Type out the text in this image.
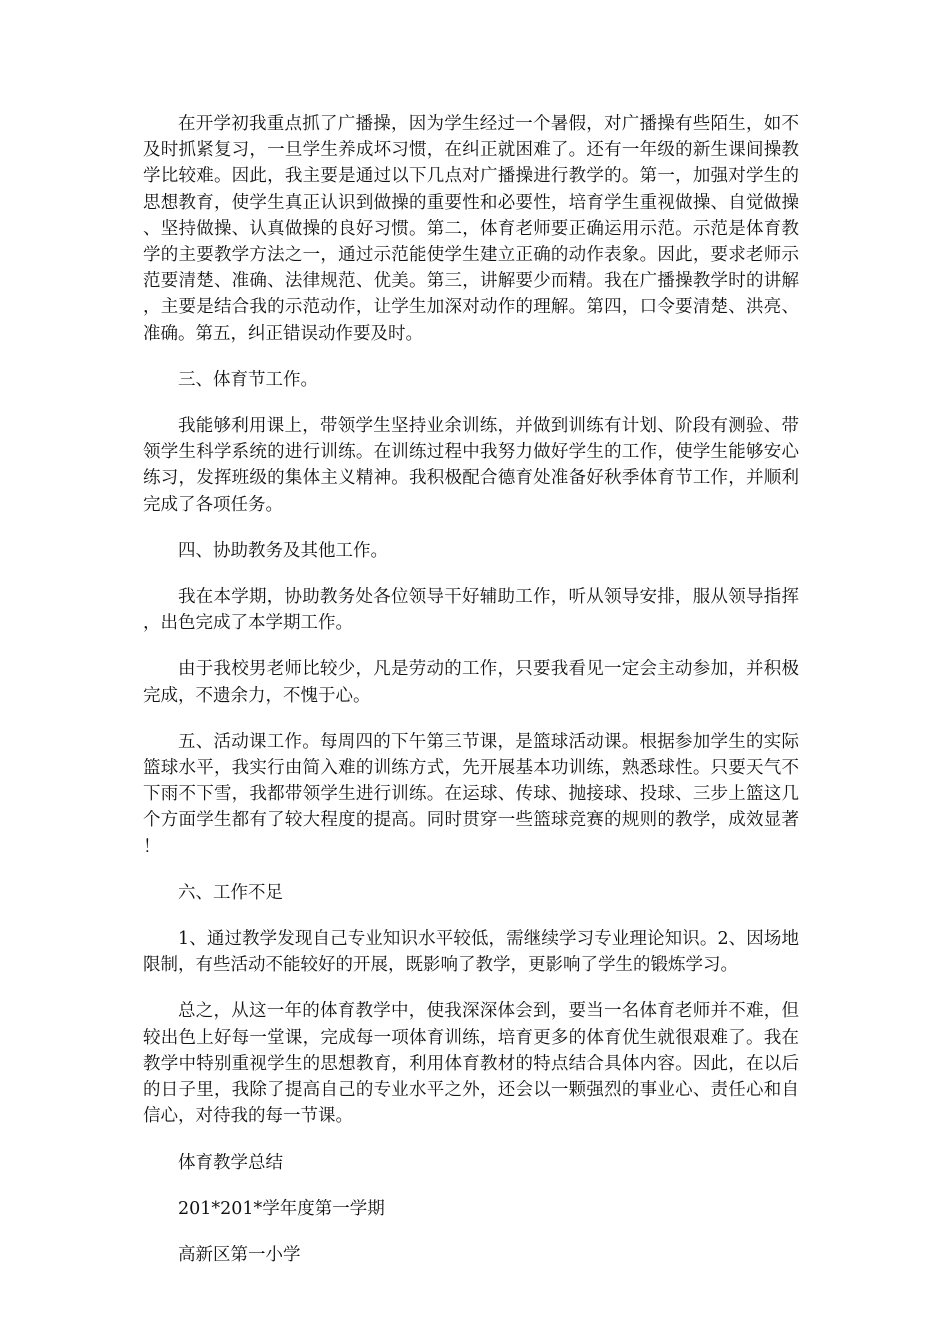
在开学初我重点抓了广播操，因为学生经过一个暑假，对广播操有些陌生，如不及时抓紧复习，一旦学生养成坏习惯，在纠正就困难了。还有一年级的新生课间操教学比较难。因此，我主要是通过以下几点对广播操进行教学的。第一，加强对学生的思想教育，使学生真正认识到做操的重要性和必要性，培育学生重视做操、自觉做操、坚持做操、认真做操的良好习惯。第二，体育老师要正确运用示范。示范是体育教学的主要教学方法之一，通过示范能使学生建立正确的动作表象。因此，要求老师示范要清楚、准确、法律规范、优美。第三，讲解要少而精。我在广播操教学时的讲解，主要是结合我的示范动作，让学生加深对动作的理解。第四，口令要清楚、洪亮、准确。第五，纠正错误动作要及时。

三、体育节工作。

我能够利用课上，带领学生坚持业余训练，并做到训练有计划、阶段有测验、带领学生科学系统的进行训练。在训练过程中我努力做好学生的工作，使学生能够安心练习，发挥班级的集体主义精神。我积极配合德育处准备好秋季体育节工作，并顺利完成了各项任务。

四、协助教务及其他工作。

我在本学期，协助教务处各位领导干好辅助工作，听从领导安排，服从领导指挥，出色完成了本学期工作。

由于我校男老师比较少，凡是劳动的工作，只要我看见一定会主动参加，并积极完成，不遗余力，不愧于心。

五、活动课工作。每周四的下午第三节课，是篮球活动课。根据参加学生的实际篮球水平，我实行由简入难的训练方式，先开展基本功训练，熟悉球性。只要天气不下雨不下雪，我都带领学生进行训练。在运球、传球、抛接球、投球、三步上篮这几个方面学生都有了较大程度的提高。同时贯穿一些篮球竞赛的规则的教学，成效显著！

六、工作不足

1、通过教学发现自己专业知识水平较低，需继续学习专业理论知识。2、因场地限制，有些活动不能较好的开展，既影响了教学，更影响了学生的锻炼学习。

总之，从这一年的体育教学中，使我深深体会到，要当一名体育老师并不难，但较出色上好每一堂课，完成每一项体育训练，培育更多的体育优生就很艰难了。我在教学中特别重视学生的思想教育，利用体育教材的特点结合具体内容。因此，在以后的日子里，我除了提高自己的专业水平之外，还会以一颗强烈的事业心、责任心和自信心，对待我的每一节课。

体育教学总结

201*201*学年度第一学期

高新区第一小学
